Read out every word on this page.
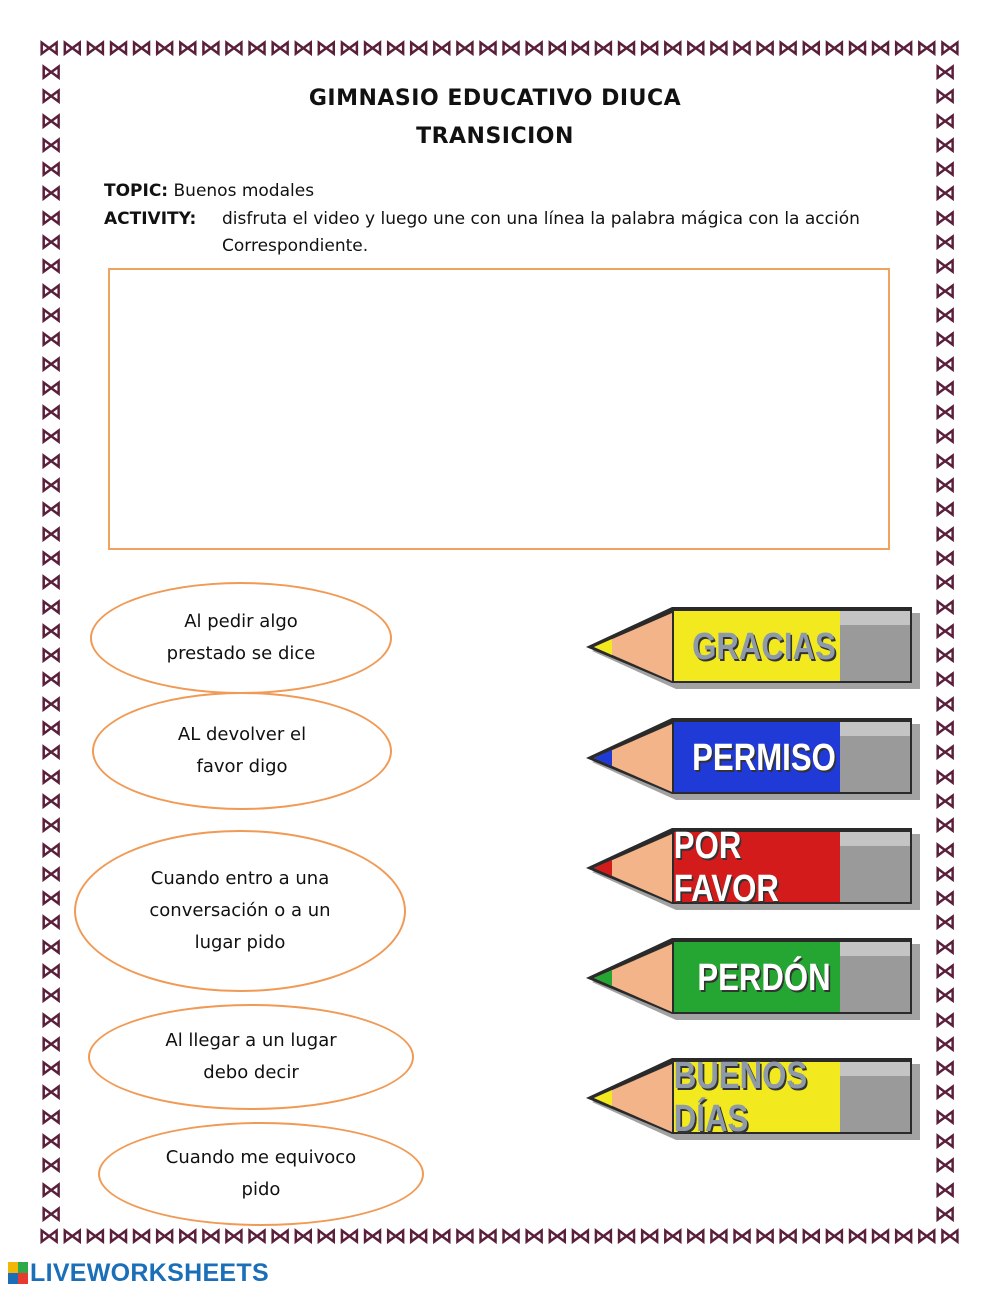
⋈⋈⋈⋈⋈⋈⋈⋈⋈⋈⋈⋈⋈⋈⋈⋈⋈⋈⋈⋈⋈⋈⋈⋈⋈⋈⋈⋈⋈⋈⋈⋈⋈⋈⋈⋈⋈⋈⋈⋈
⋈⋈⋈⋈⋈⋈⋈⋈⋈⋈⋈⋈⋈⋈⋈⋈⋈⋈⋈⋈⋈⋈⋈⋈⋈⋈⋈⋈⋈⋈⋈⋈⋈⋈⋈⋈⋈⋈⋈⋈
⋈
⋈
⋈
⋈
⋈
⋈
⋈
⋈
⋈
⋈
⋈
⋈
⋈
⋈
⋈
⋈
⋈
⋈
⋈
⋈
⋈
⋈
⋈
⋈
⋈
⋈
⋈
⋈
⋈
⋈
⋈
⋈
⋈
⋈
⋈
⋈
⋈
⋈
⋈
⋈
⋈
⋈
⋈
⋈
⋈
⋈
⋈
⋈
⋈
⋈
⋈
⋈
⋈
⋈
⋈
⋈
⋈
⋈
⋈
⋈
⋈
⋈
⋈
⋈
⋈
⋈
⋈
⋈
⋈
⋈
⋈
⋈
⋈
⋈
⋈
⋈
⋈
⋈
⋈
⋈
⋈
⋈
⋈
⋈
⋈
⋈
⋈
⋈
⋈
⋈
⋈
⋈
⋈
⋈
⋈
⋈
GIMNASIO EDUCATIVO DIUCA
TRANSICION
TOPIC: Buenos modales
ACTIVITY: disfruta el video y luego une con una línea la palabra mágica con la acción
Correspondiente.
Al pedir algo
prestado se dice
AL devolver el
favor digo
Cuando entro a una
conversación o a un
lugar pido
Al llegar a un lugar
debo decir
Cuando me equivoco
pido
GRACIAS
PERMISO
POR FAVOR
PERDÓN
BUENOS DÍAS
LIVEWORKSHEETS
